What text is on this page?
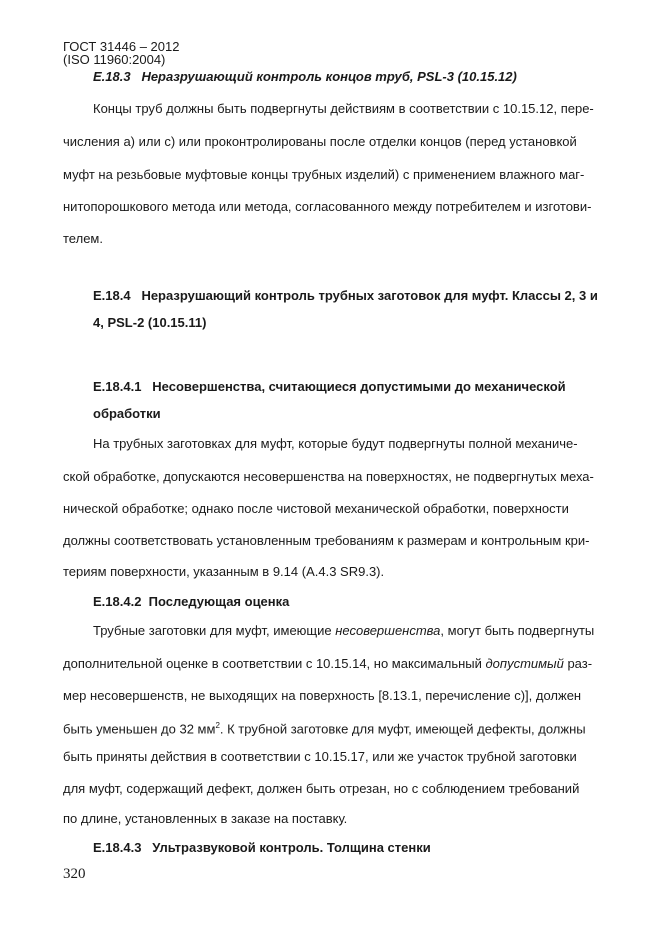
ГОСТ 31446 – 2012
(ISO 11960:2004)
E.18.3 Неразрушающий контроль концов труб, PSL-3 (10.15.12)
Концы труб должны быть подвергнуты действиям в соответствии с 10.15.12, пере-
числения а) или с) или проконтролированы после отделки концов (перед установкой
муфт на резьбовые муфтовые концы трубных изделий) с применением влажного маг-
нитопорошкового метода или метода, согласованного между потребителем и изготови-
телем.
E.18.4 Неразрушающий контроль трубных заготовок для муфт. Классы 2, 3 и
4, PSL-2 (10.15.11)
E.18.4.1 Несовершенства, считающиеся допустимыми до механической
обработки
На трубных заготовках для муфт, которые будут подвергнуты полной механиче-
ской обработке, допускаются несовершенства на поверхностях, не подвергнутых меха-
нической обработке; однако после чистовой механической обработки, поверхности
должны соответствовать установленным требованиям к размерам и контрольным кри-
териям поверхности, указанным в 9.14 (А.4.3 SR9.3).
E.18.4.2 Последующая оценка
Трубные заготовки для муфт, имеющие несовершенства, могут быть подвергнуты
дополнительной оценке в соответствии с 10.15.14, но максимальный допустимый раз-
мер несовершенств, не выходящих на поверхность [8.13.1, перечисление с)], должен
быть уменьшен до 32 $мм^2$. К трубной заготовке для муфт, имеющей дефекты, должны
быть приняты действия в соответствии с 10.15.17, или же участок трубной заготовки
для муфт, содержащий дефект, должен быть отрезан, но с соблюдением требований
по длине, установленных в заказе на поставку.
E.18.4.3 Ультразвуковой контроль. Толщина стенки
320
